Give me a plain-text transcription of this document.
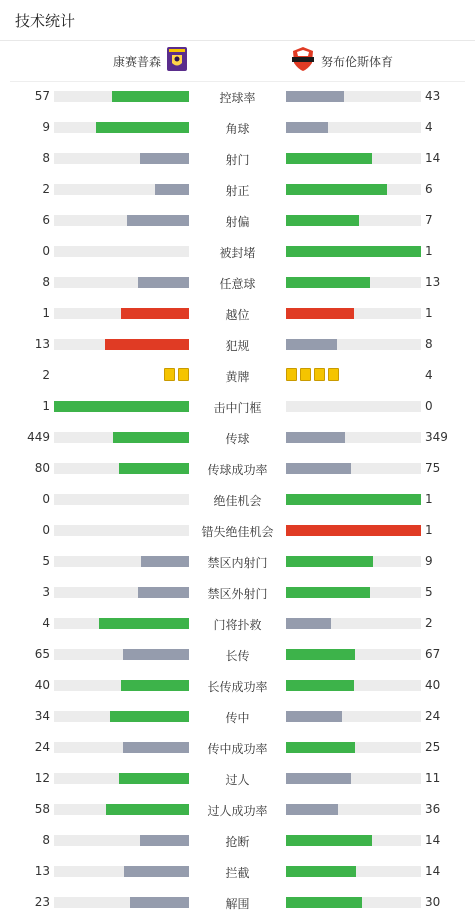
技术统计
康赛普森	努布伦斯体育
57	控球率	43
9	角球	4
8	射门	14
2	射正	6
6	射偏	7
0	被封堵	1
8	任意球	13
1	越位	1
13	犯规	8
2	黄牌	4
1	击中门框	0
449	传球	349
80	传球成功率	75
0	绝佳机会	1
0	错失绝佳机会	1
5	禁区内射门	9
3	禁区外射门	5
4	门将扑救	2
65	长传	67
40	长传成功率	40
34	传中	24
24	传中成功率	25
12	过人	11
58	过人成功率	36
8	抢断	14
13	拦截	14
23	解围	30
